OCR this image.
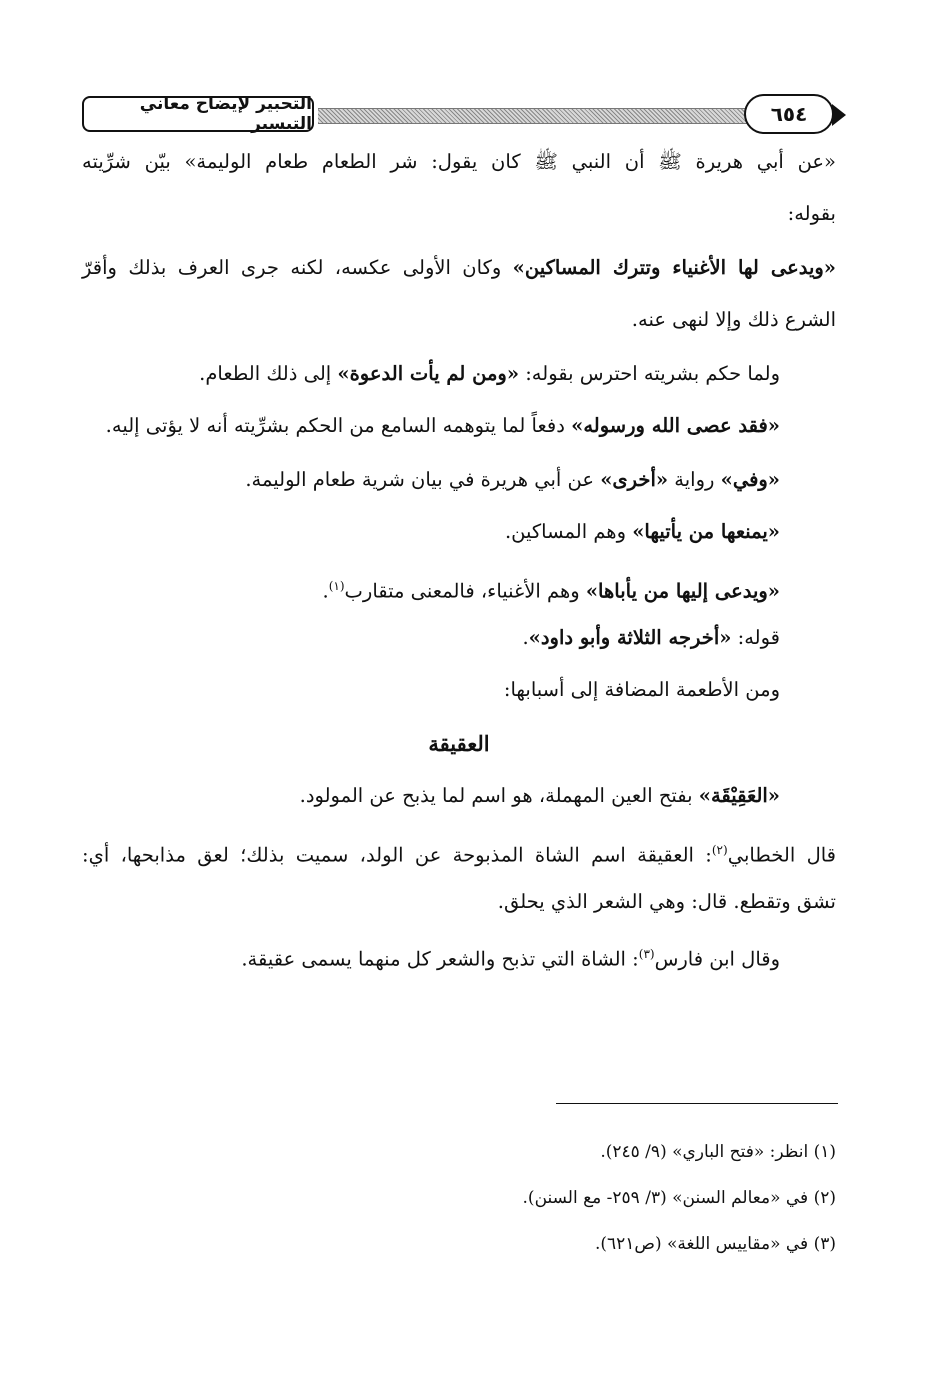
التحبير لإيضاح معاني التيسير	٦٥٤
«عن أبي هريرة ﷺ أن النبي ﷺ كان يقول: شر الطعام طعام الوليمة» بيّن شرِّيته
بقوله:
«ويدعى لها الأغنياء وتترك المساكين» وكان الأولى عكسه، لكنه جرى العرف بذلك وأقرّ
الشرع ذلك وإلا لنهى عنه.
ولما حكم بشريته احترس بقوله: «ومن لم يأت الدعوة» إلى ذلك الطعام.
«فقد عصى الله ورسوله» دفعاً لما يتوهمه السامع من الحكم بشرِّيته أنه لا يؤتى إليه.
«وفي» رواية «أخرى» عن أبي هريرة في بيان شرية طعام الوليمة.
«يمنعها من يأتيها» وهم المساكين.
«ويدعى إليها من يأباها» وهم الأغنياء، فالمعنى متقارب$^{(١)}$.
قوله: «أخرجه الثلاثة وأبو داود».
ومن الأطعمة المضافة إلى أسبابها:
العقيقة
«العَقِيْقَة» بفتح العين المهملة، هو اسم لما يذبح عن المولود.
قال الخطابي$^{(٢)}$: العقيقة اسم الشاة المذبوحة عن الولد، سميت بذلك؛ لعق مذابحها، أي:
تشق وتقطع. قال: وهي الشعر الذي يحلق.
وقال ابن فارس$^{(٣)}$: الشاة التي تذبح والشعر كل منهما يسمى عقيقة.
(١) انظر: «فتح الباري» (٩/ ٢٤٥).
(٢) في «معالم السنن» (٣/ ٢٥٩- مع السنن).
(٣) في «مقاييس اللغة» (ص٦٢١).
